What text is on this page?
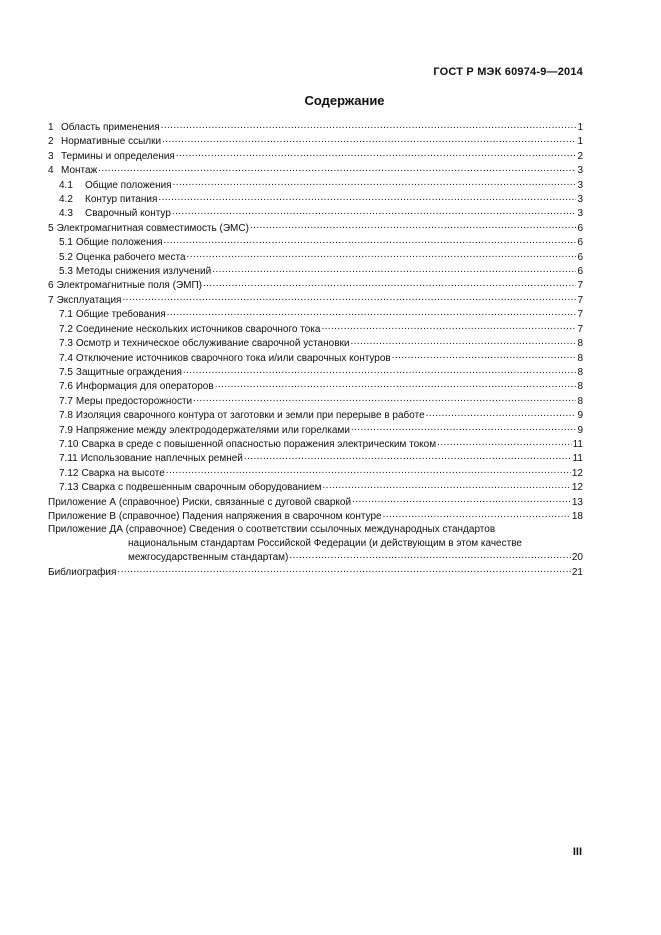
ГОСТ Р МЭК 60974-9—2014
Содержание
1 Область применения .....	1
2 Нормативные ссылки .....	1
3 Термины и определения .....	2
4 Монтаж .....	3
4.1 Общие положения .....	3
4.2 Контур питания .....	3
4.3 Сварочный контур .....	3
5 Электромагнитная совместимость (ЭМС) .....	6
5.1 Общие положения .....	6
5.2 Оценка рабочего места .....	6
5.3 Методы снижения излучений .....	6
6 Электромагнитные поля (ЭМП) .....	7
7 Эксплуатация .....	7
7.1 Общие требования .....	7
7.2 Соединение нескольких источников сварочного тока .....	7
7.3 Осмотр и техническое обслуживание сварочной установки .....	8
7.4 Отключение источников сварочного тока и/или сварочных контуров .....	8
7.5 Защитные ограждения .....	8
7.6 Информация для операторов .....	8
7.7 Меры предосторожности .....	8
7.8 Изоляция сварочного контура от заготовки и земли при перерыве в работе .....	9
7.9 Напряжение между электрододержателями или горелками .....	9
7.10 Сварка в среде с повышенной опасностью поражения электрическим током .....	11
7.11 Использование наплечных ремней .....	11
7.12 Сварка на высоте .....	12
7.13 Сварка с подвешенным сварочным оборудованием .....	12
Приложение А (справочное) Риски, связанные с дуговой сваркой .....	13
Приложение В (справочное) Падения напряжения в сварочном контуре .....	18
Приложение ДА (справочное) Сведения о соответствии ссылочных международных стандартов
национальным стандартам Российской Федерации (и действующим в этом качестве
межгосударственным стандартам) .....	20
Библиография .....	21
III
